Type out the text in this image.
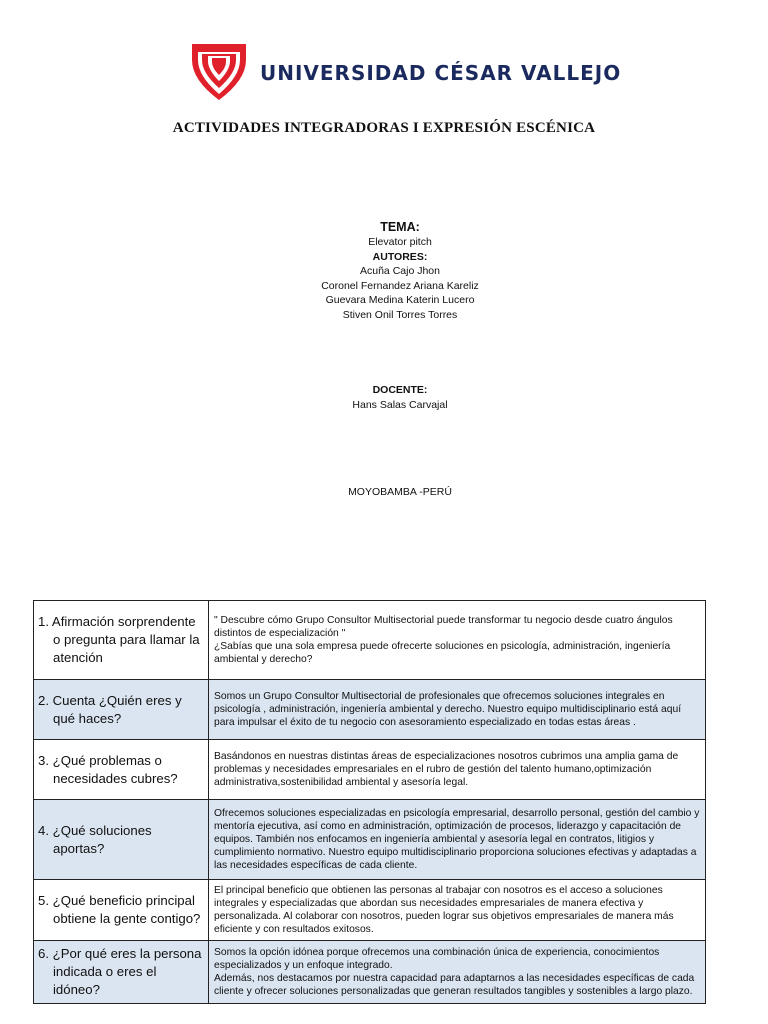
UNIVERSIDAD CÉSAR VALLEJO
ACTIVIDADES INTEGRADORAS I EXPRESIÓN ESCÉNICA
TEMA:
Elevator pitch
AUTORES:
Acuña Cajo Jhon
Coronel Fernandez Ariana Kareliz
Guevara Medina Katerin Lucero
Stiven Onil Torres Torres
DOCENTE:
Hans Salas Carvajal
MOYOBAMBA -PERÚ
1. Afirmación sorprendente o pregunta para llamar la atención	" Descubre cómo Grupo Consultor Multisectorial puede transformar tu negocio desde cuatro ángulos distintos de especialización "
¿Sabías que una sola empresa puede ofrecerte soluciones en psicología, administración, ingeniería ambiental y derecho?

2. Cuenta ¿Quién eres y qué haces?	Somos un Grupo Consultor Multisectorial de profesionales que ofrecemos soluciones integrales en psicología , administración, ingeniería ambiental y derecho. Nuestro equipo multidisciplinario está aquí para impulsar el éxito de tu negocio con asesoramiento especializado en todas estas áreas .

3. ¿Qué problemas o necesidades cubres?	Basándonos en nuestras distintas áreas de especializaciones nosotros cubrimos una amplia gama de problemas y necesidades empresariales en el rubro de gestión del talento humano,optimización administrativa,sostenibilidad ambiental y asesoría legal.

4. ¿Qué soluciones aportas?	Ofrecemos soluciones especializadas en psicología empresarial, desarrollo personal, gestión del cambio y mentoría ejecutiva, así como en administración, optimización de procesos, liderazgo y capacitación de equipos. También nos enfocamos en ingeniería ambiental y asesoría legal en contratos, litigios y cumplimiento normativo. Nuestro equipo multidisciplinario proporciona soluciones efectivas y adaptadas a las necesidades específicas de cada cliente.

5. ¿Qué beneficio principal obtiene la gente contigo?	El principal beneficio que obtienen las personas al trabajar con nosotros es el acceso a soluciones integrales y especializadas que abordan sus necesidades empresariales de manera efectiva y personalizada. Al colaborar con nosotros, pueden lograr sus objetivos empresariales de manera más eficiente y con resultados exitosos.

6. ¿Por qué eres la persona indicada o eres el idóneo?	Somos la opción idónea porque ofrecemos una combinación única de experiencia, conocimientos especializados y un enfoque integrado.
Además, nos destacamos por nuestra capacidad para adaptarnos a las necesidades específicas de cada cliente y ofrecer soluciones personalizadas que generan resultados tangibles y sostenibles a largo plazo.
